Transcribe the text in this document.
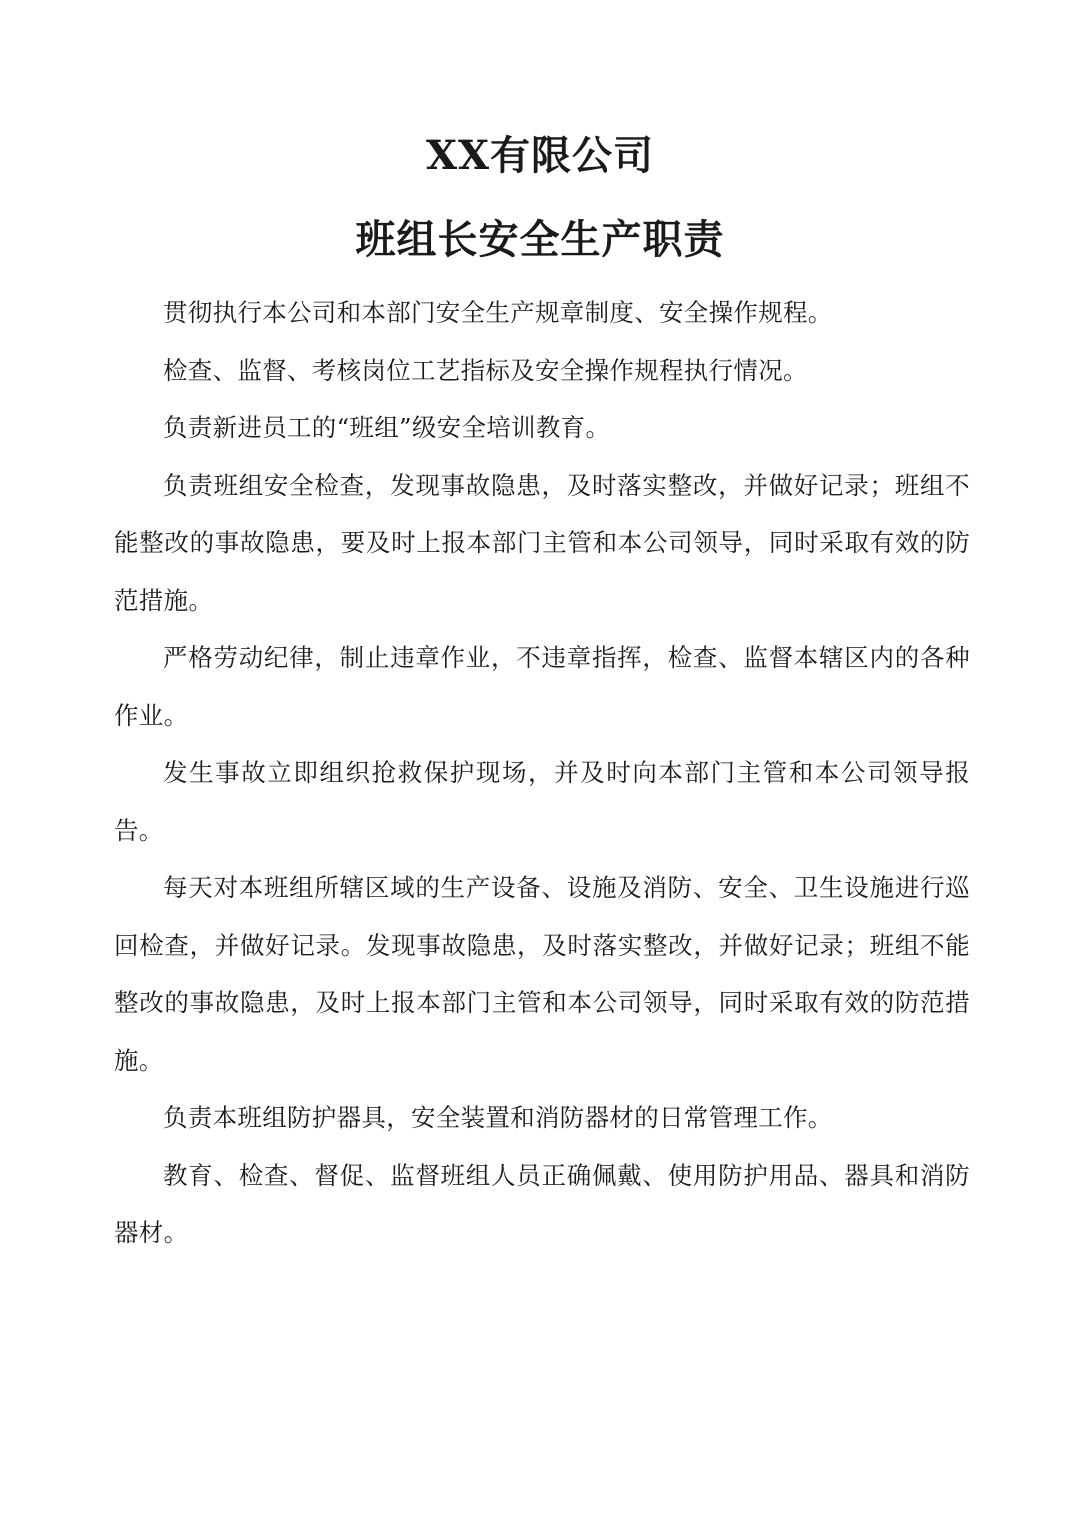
XX有限公司
班组长安全生产职责

贯彻执行本公司和本部门安全生产规章制度、安全操作规程。

检查、监督、考核岗位工艺指标及安全操作规程执行情况。

负责新进员工的“班组”级安全培训教育。

负责班组安全检查，发现事故隐患，及时落实整改，并做好记录；班组不能整改的事故隐患，要及时上报本部门主管和本公司领导，同时采取有效的防范措施。

严格劳动纪律，制止违章作业，不违章指挥，检查、监督本辖区内的各种作业。

发生事故立即组织抢救保护现场，并及时向本部门主管和本公司领导报告。

每天对本班组所辖区域的生产设备、设施及消防、安全、卫生设施进行巡回检查，并做好记录。发现事故隐患，及时落实整改，并做好记录；班组不能整改的事故隐患，及时上报本部门主管和本公司领导，同时采取有效的防范措施。

负责本班组防护器具，安全装置和消防器材的日常管理工作。

教育、检查、督促、监督班组人员正确佩戴、使用防护用品、器具和消防器材。
